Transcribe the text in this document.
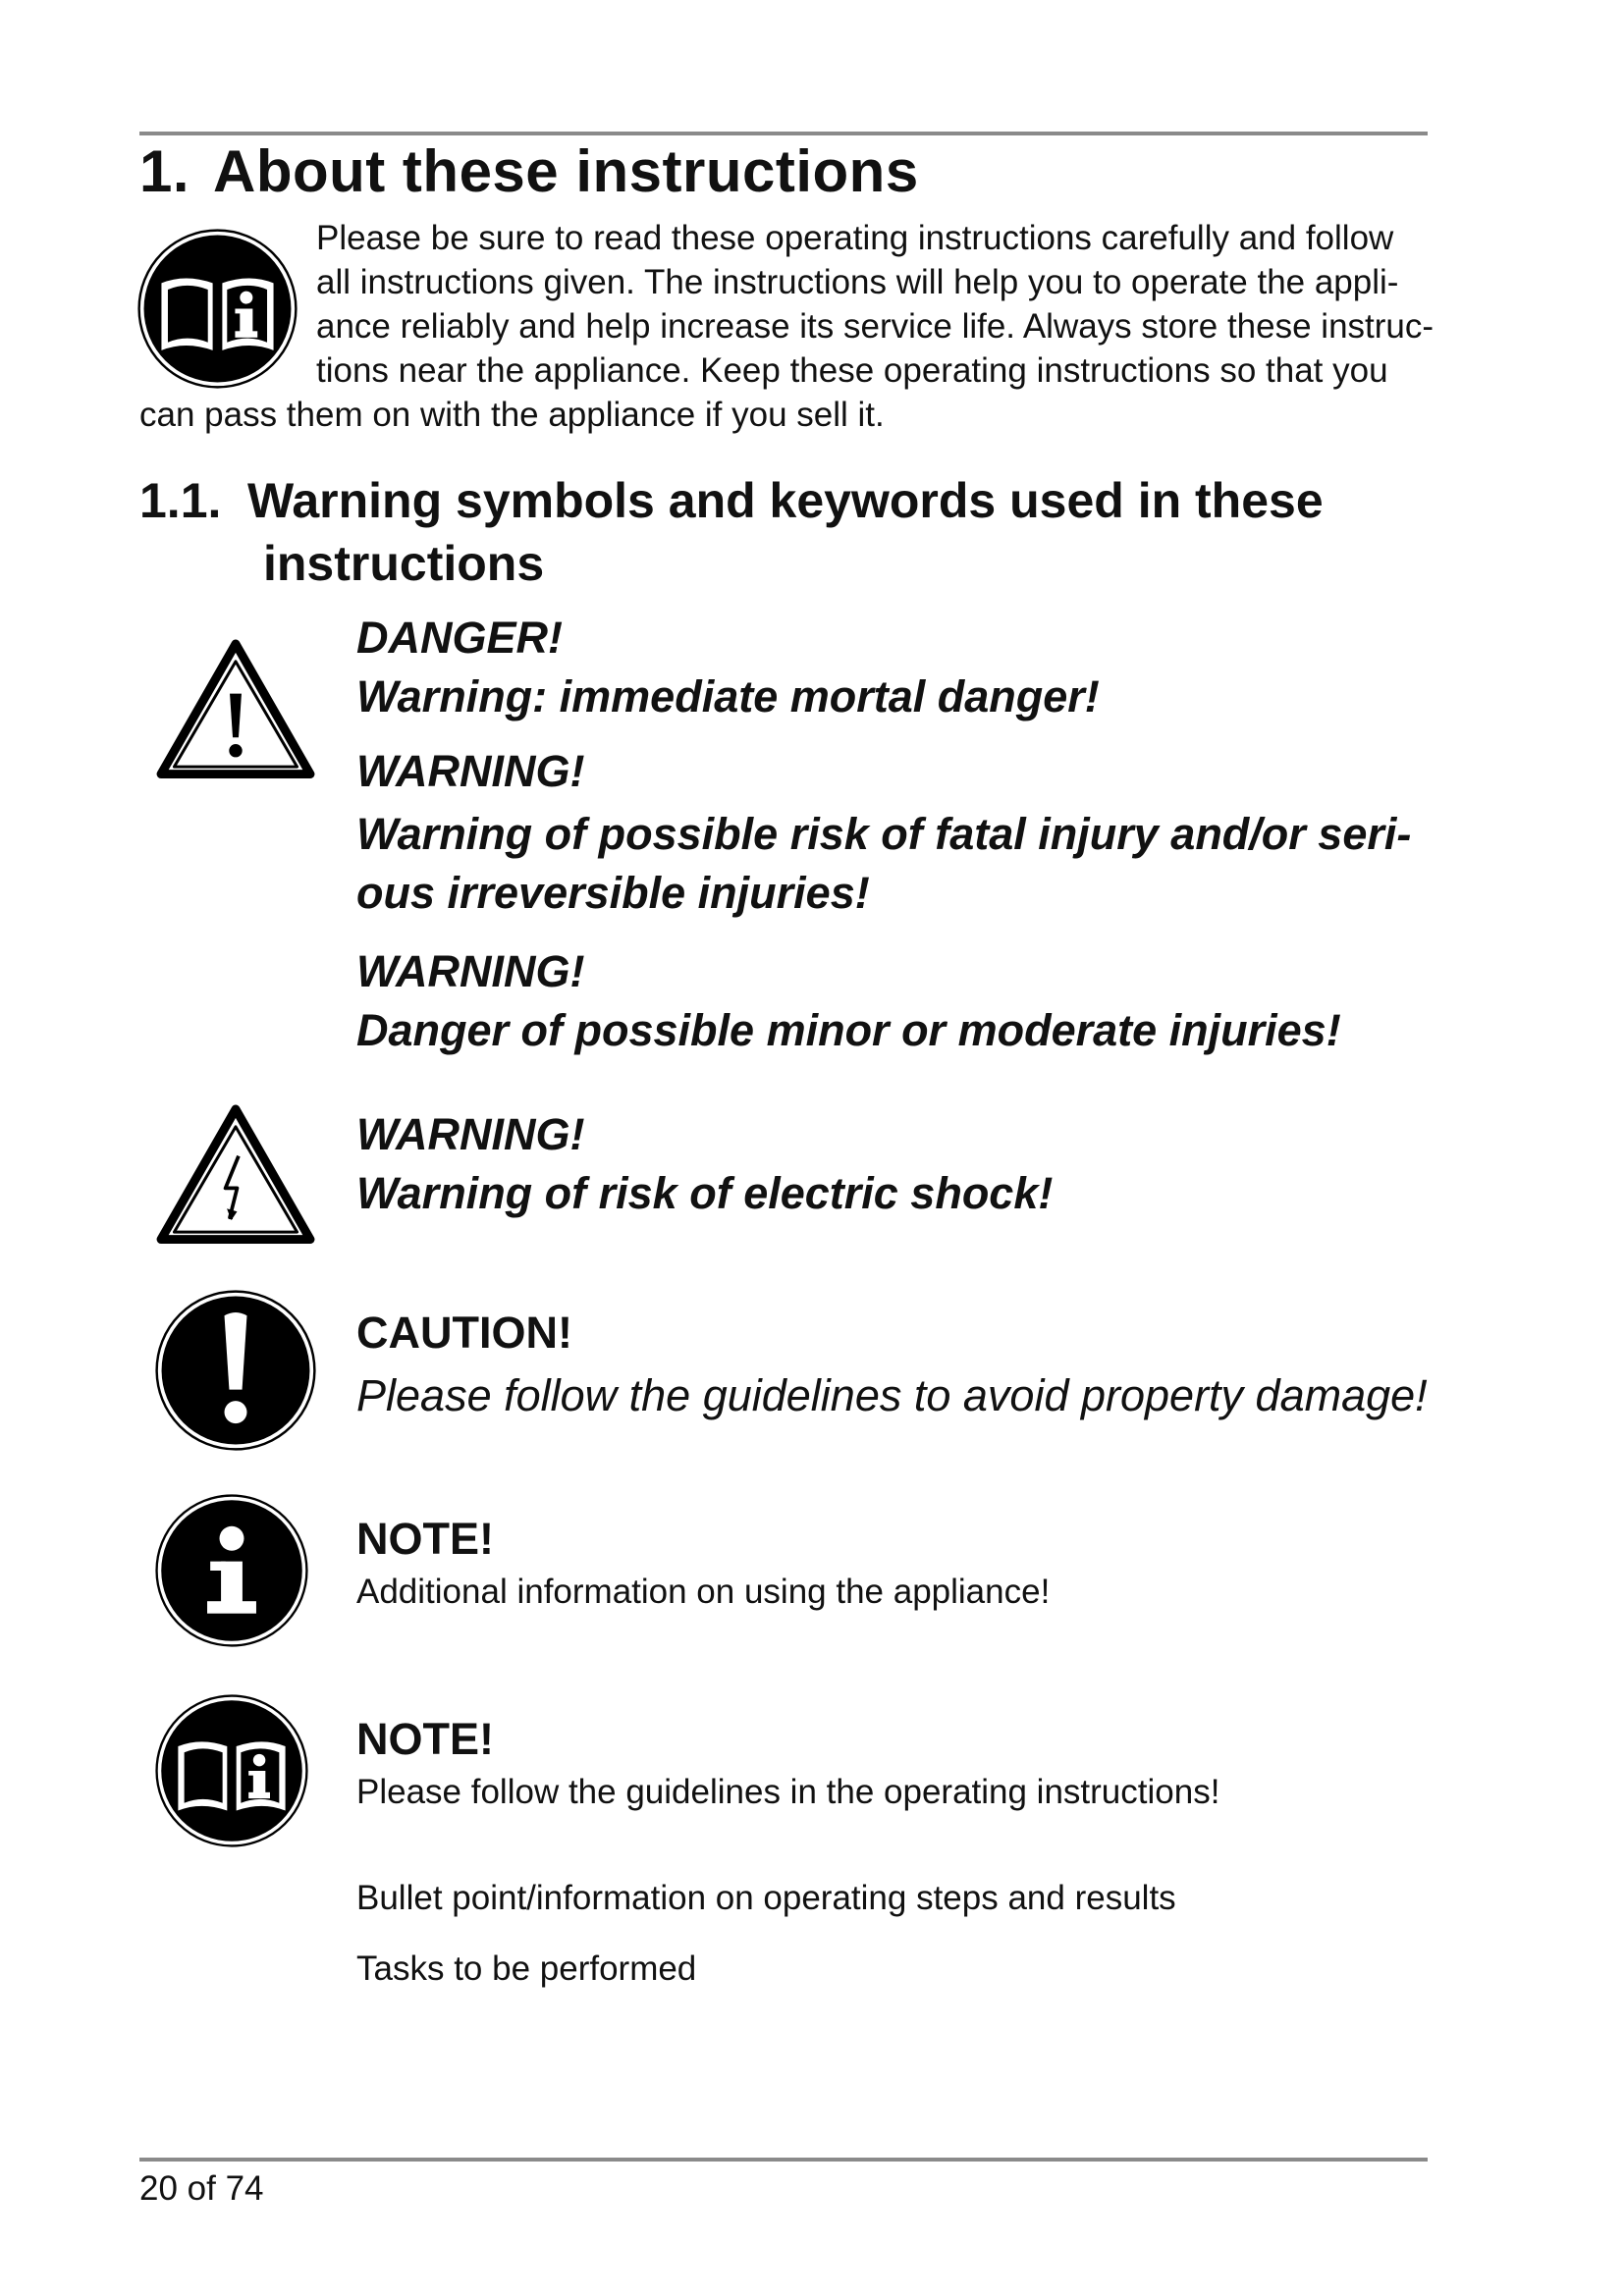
1. About these instructions

Please be sure to read these operating instructions carefully and follow
all instructions given. The instructions will help you to operate the appli-
ance reliably and help increase its service life. Always store these instruc-
tions near the appliance. Keep these operating instructions so that you
can pass them on with the appliance if you sell it.

1.1. Warning symbols and keywords used in these
instructions

DANGER!

Warning: immediate mortal danger!

WARNING!

Warning of possible risk of fatal injury and/or seri-

ous irreversible injuries!

WARNING!

Danger of possible minor or moderate injuries!

WARNING!

Warning of risk of electric shock!

CAUTION!

Please follow the guidelines to avoid property damage!

NOTE!

Additional information on using the appliance!

NOTE!

Please follow the guidelines in the operating instructions!

Bullet point/information on operating steps and results

Tasks to be performed

20 of 74
